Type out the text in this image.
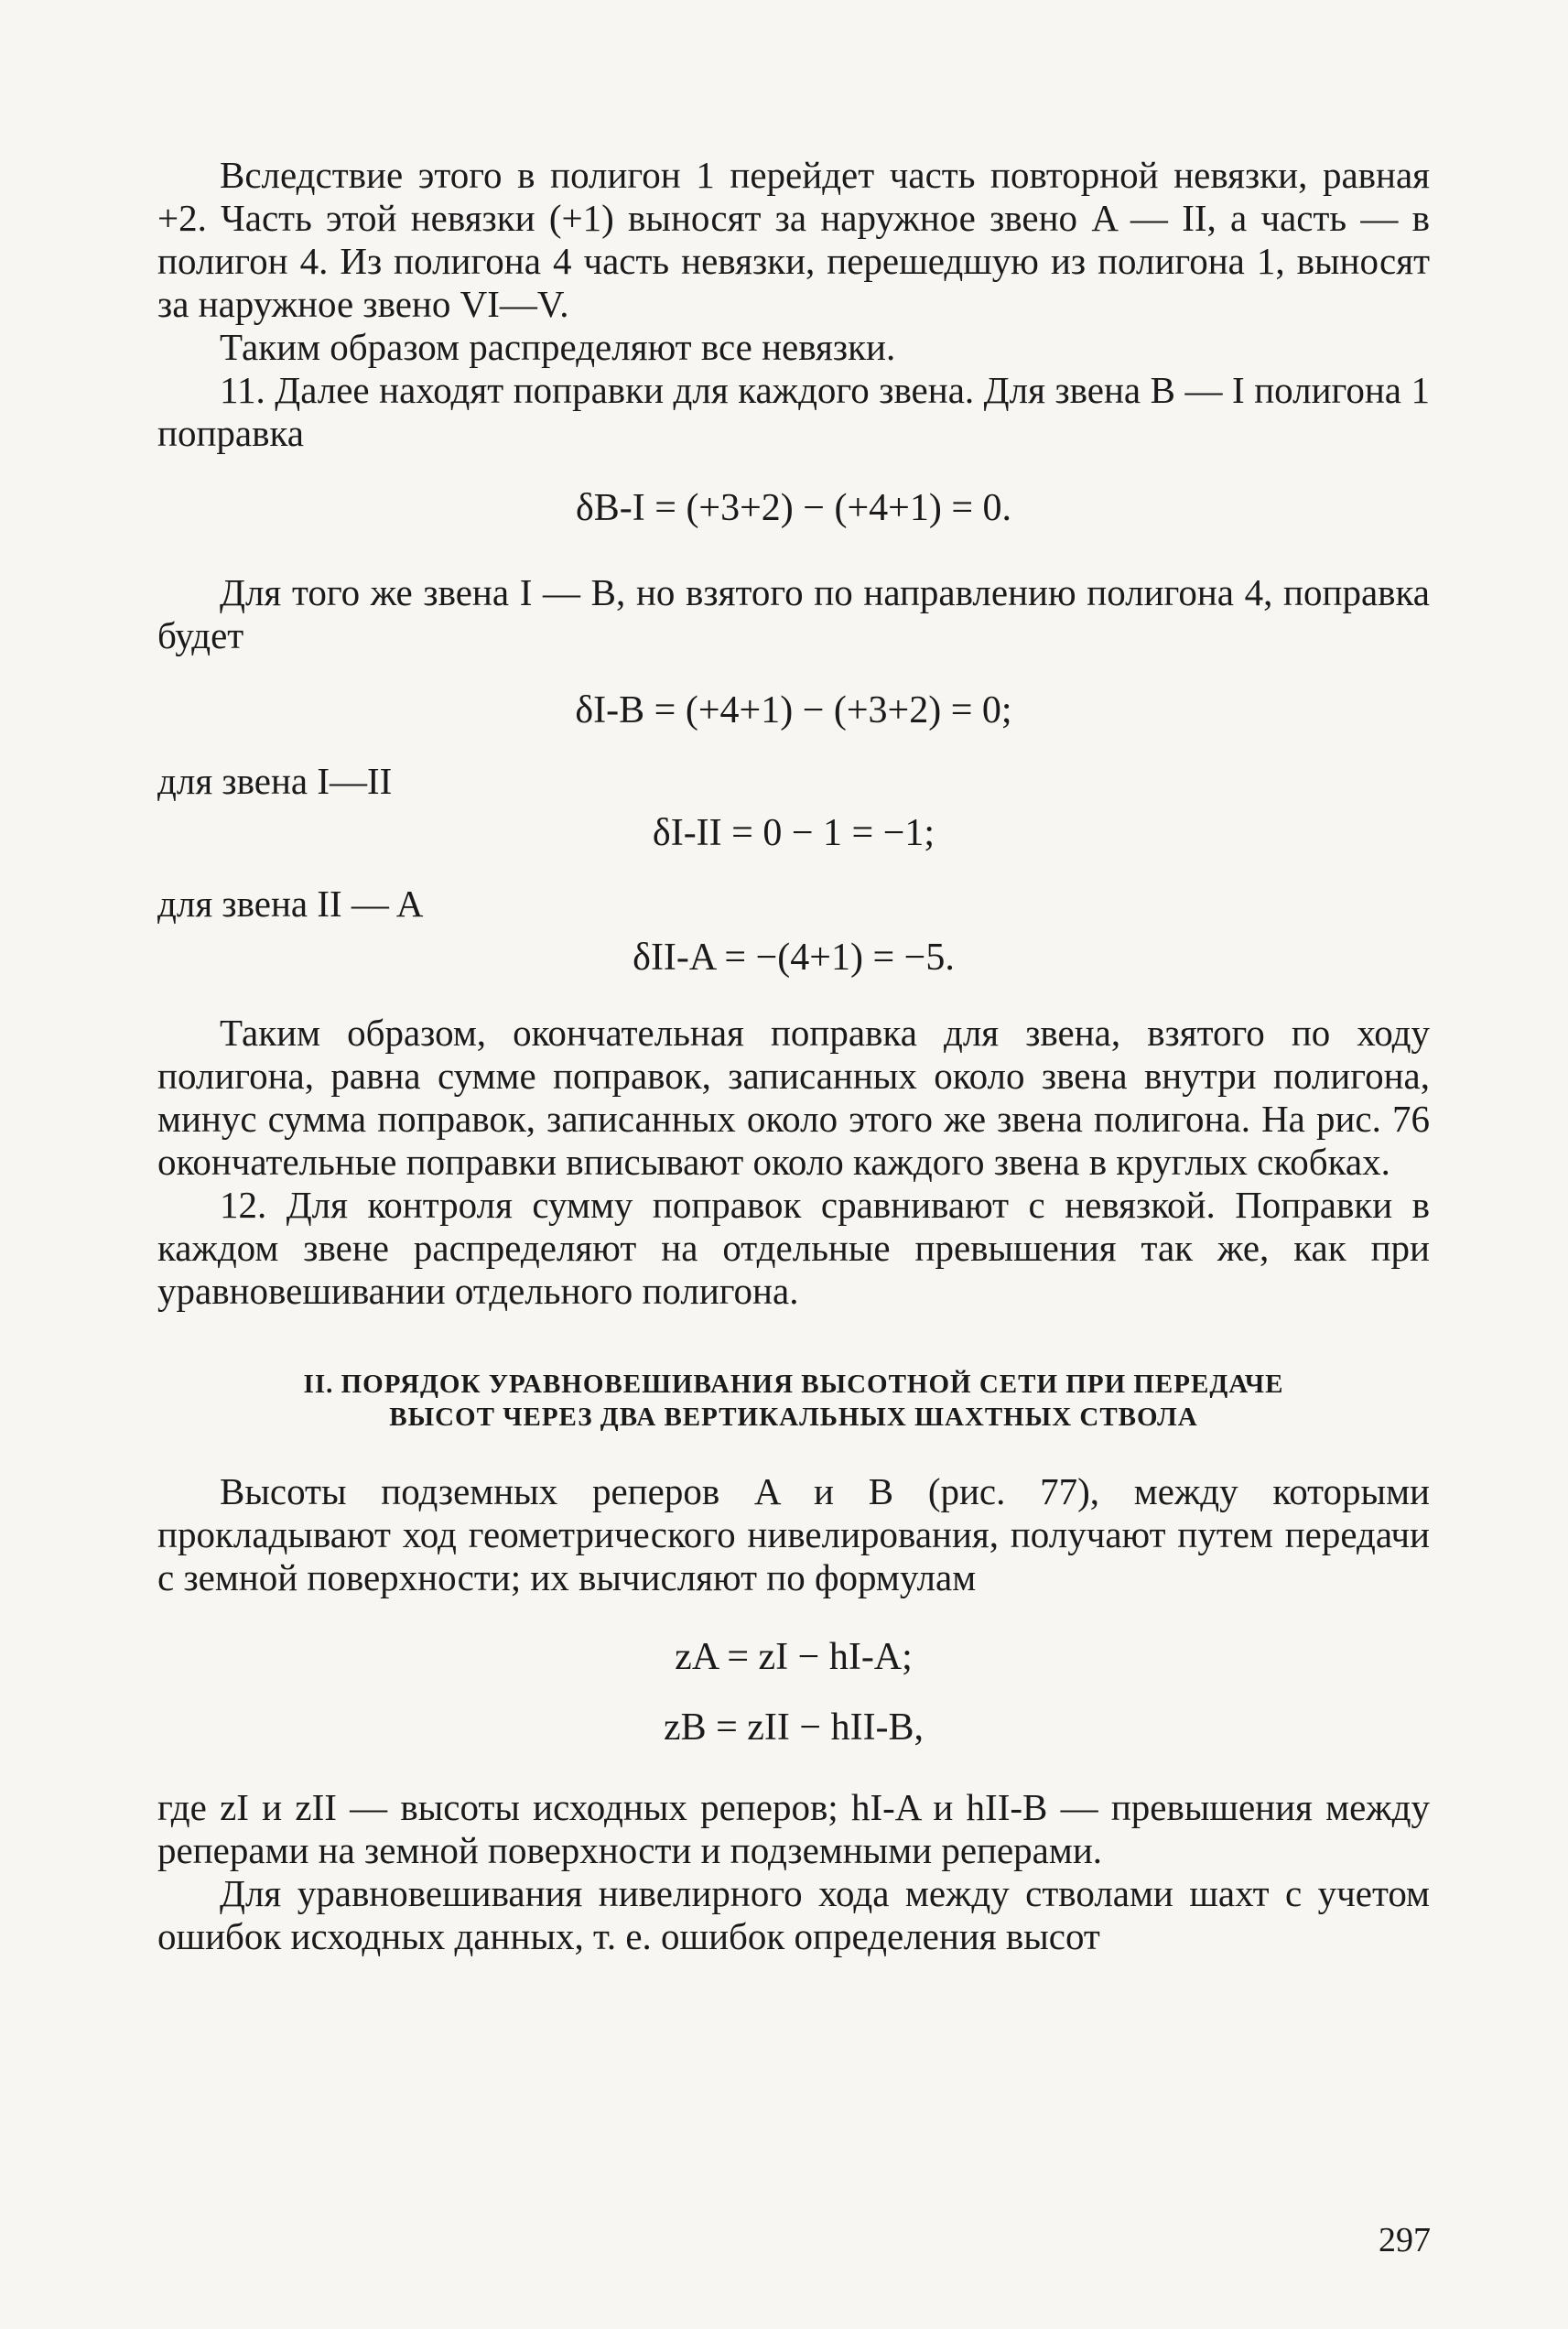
Вследствие этого в полигон 1 перейдет часть повторной невязки, равная +2. Часть этой невязки (+1) выносят за наружное звено A — II, а часть — в полигон 4. Из полигона 4 часть невязки, перешедшую из полигона 1, выносят за наружное звено VI—V.

Таким образом распределяют все невязки.

11. Далее находят поправки для каждого звена. Для звена B — I полигона 1 поправка

δB-I = (+3+2) − (+4+1) = 0.

Для того же звена I — B, но взятого по направлению полигона 4, поправка будет

δI-B = (+4+1) − (+3+2) = 0;

для звена I—II

δI-II = 0 − 1 = −1;

для звена II — A

δII-A = −(4+1) = −5.

Таким образом, окончательная поправка для звена, взятого по ходу полигона, равна сумме поправок, записанных около звена внутри полигона, минус сумма поправок, записанных около этого же звена полигона. На рис. 76 окончательные поправки вписывают около каждого звена в круглых скобках.

12. Для контроля сумму поправок сравнивают с невязкой. Поправки в каждом звене распределяют на отдельные превышения так же, как при уравновешивании отдельного полигона.

II. ПОРЯДОК УРАВНОВЕШИВАНИЯ ВЫСОТНОЙ СЕТИ ПРИ ПЕРЕДАЧЕ
ВЫСОТ ЧЕРЕЗ ДВА ВЕРТИКАЛЬНЫХ ШАХТНЫХ СТВОЛА

Высоты подземных реперов A и B (рис. 77), между которыми прокладывают ход геометрического нивелирования, получают путем передачи с земной поверхности; их вычисляют по формулам

zA = zI − hI-A;
zB = zII − hII-B,

где zI и zII — высоты исходных реперов; hI-A и hII-B — превышения между реперами на земной поверхности и подземными реперами.

Для уравновешивания нивелирного хода между стволами шахт с учетом ошибок исходных данных, т. е. ошибок определения высот

297
